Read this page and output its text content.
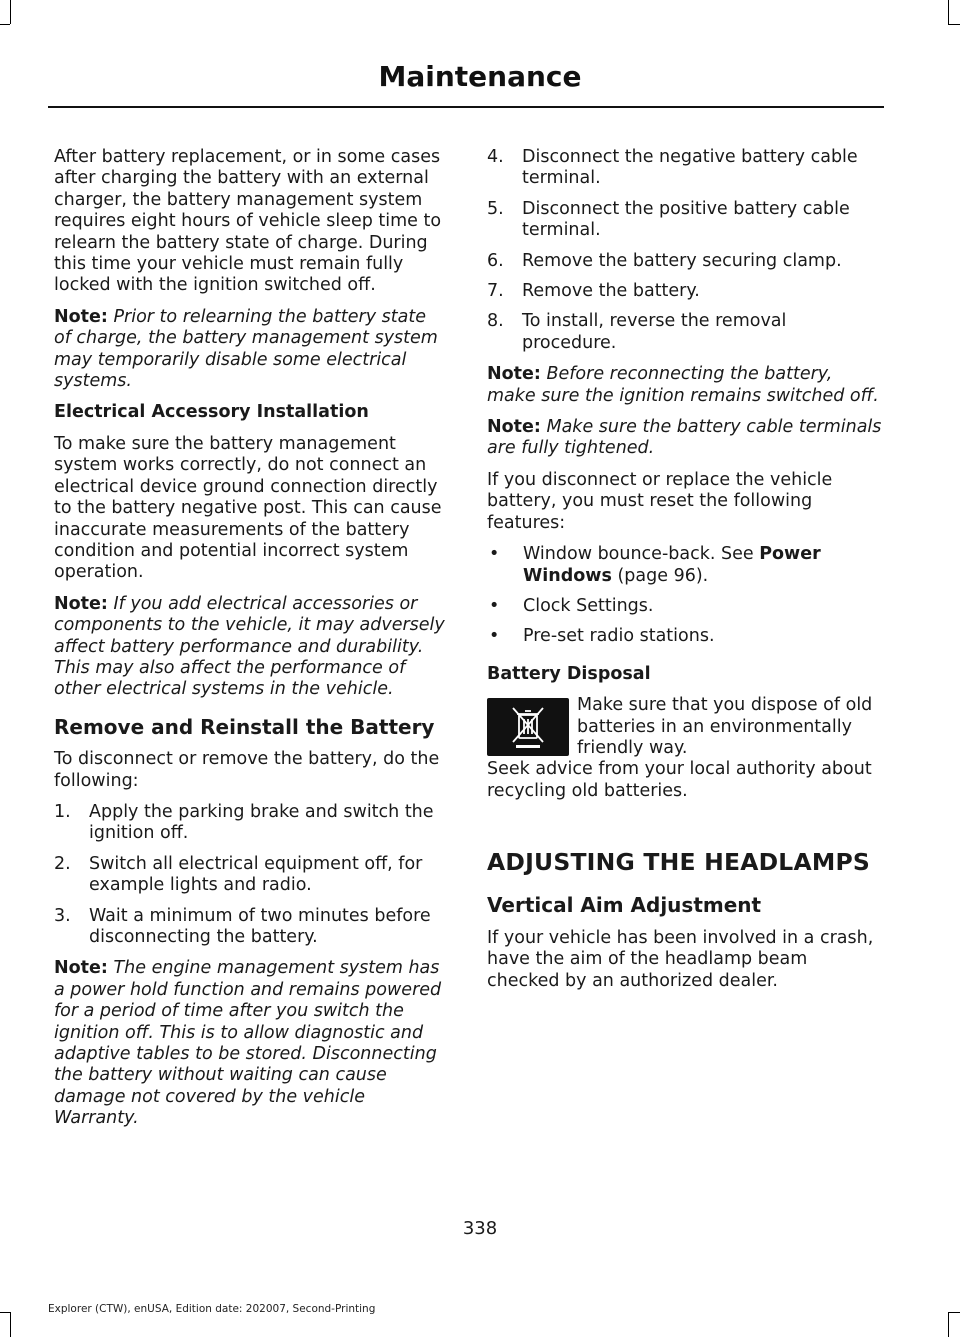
Maintenance

After battery replacement, or in some cases after charging the battery with an external charger, the battery management system requires eight hours of vehicle sleep time to relearn the battery state of charge. During this time your vehicle must remain fully locked with the ignition switched off.

Note: Prior to relearning the battery state of charge, the battery management system may temporarily disable some electrical systems.

Electrical Accessory Installation

To make sure the battery management system works correctly, do not connect an electrical device ground connection directly to the battery negative post. This can cause inaccurate measurements of the battery condition and potential incorrect system operation.

Note: If you add electrical accessories or components to the vehicle, it may adversely affect battery performance and durability. This may also affect the performance of other electrical systems in the vehicle.

Remove and Reinstall the Battery

To disconnect or remove the battery, do the following:

1.	Apply the parking brake and switch the ignition off.
2.	Switch all electrical equipment off, for example lights and radio.
3.	Wait a minimum of two minutes before disconnecting the battery.

Note: The engine management system has a power hold function and remains powered for a period of time after you switch the ignition off. This is to allow diagnostic and adaptive tables to be stored. Disconnecting the battery without waiting can cause damage not covered by the vehicle Warranty.

4.	Disconnect the negative battery cable terminal.
5.	Disconnect the positive battery cable terminal.
6.	Remove the battery securing clamp.
7.	Remove the battery.
8.	To install, reverse the removal procedure.

Note: Before reconnecting the battery, make sure the ignition remains switched off.

Note: Make sure the battery cable terminals are fully tightened.

If you disconnect or replace the vehicle battery, you must reset the following features:

•	Window bounce-back. See Power Windows (page 96).
•	Clock Settings.
•	Pre-set radio stations.
Battery Disposal
Make sure that you dispose of old batteries in an environmentally friendly way.

Seek advice from your local authority about recycling old batteries.

ADJUSTING THE HEADLAMPS
Vertical Aim Adjustment

If your vehicle has been involved in a crash, have the aim of the headlamp beam checked by an authorized dealer.

338
Explorer (CTW), enUSA, Edition date: 202007, Second-Printing
